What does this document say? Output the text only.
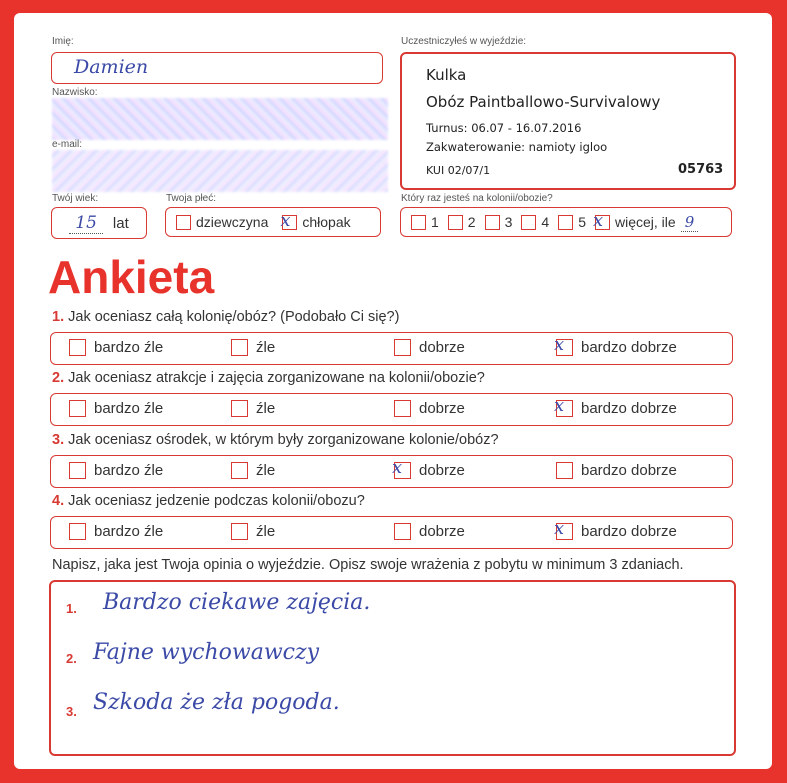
Imię:
Damien
Nazwisko:
e-mail:
Twój wiek:
15	lat
Twoja płeć:
dziewczyna x chłopak
Uczestniczyłeś w wyjeździe:
Kulka
Obóz Paintballowo-Survivalowy
Turnus: 06.07 - 16.07.2016
Zakwaterowanie: namioty igloo
KUI 02/07/1	05763
Który raz jesteś na kolonii/obozie?
1 2 3 4 5 x więcej, ile 9
Ankieta
1. Jak oceniasz całą kolonię/obóz? (Podobało Ci się?)
bardzo źle	źle	dobrze	x bardzo dobrze
2. Jak oceniasz atrakcje i zajęcia zorganizowane na kolonii/obozie?
bardzo źle	źle	dobrze	x bardzo dobrze
3. Jak oceniasz ośrodek, w którym były zorganizowane kolonie/obóz?
bardzo źle	źle	x dobrze	bardzo dobrze
4. Jak oceniasz jedzenie podczas kolonii/obozu?
bardzo źle	źle	dobrze	x bardzo dobrze
Napisz, jaka jest Twoja opinia o wyjeździe. Opisz swoje wrażenia z pobytu w minimum 3 zdaniach.
1. Bardzo ciekawe zajęcia.
2. Fajne wychowawczy
3. Szkoda że zła pogoda.
